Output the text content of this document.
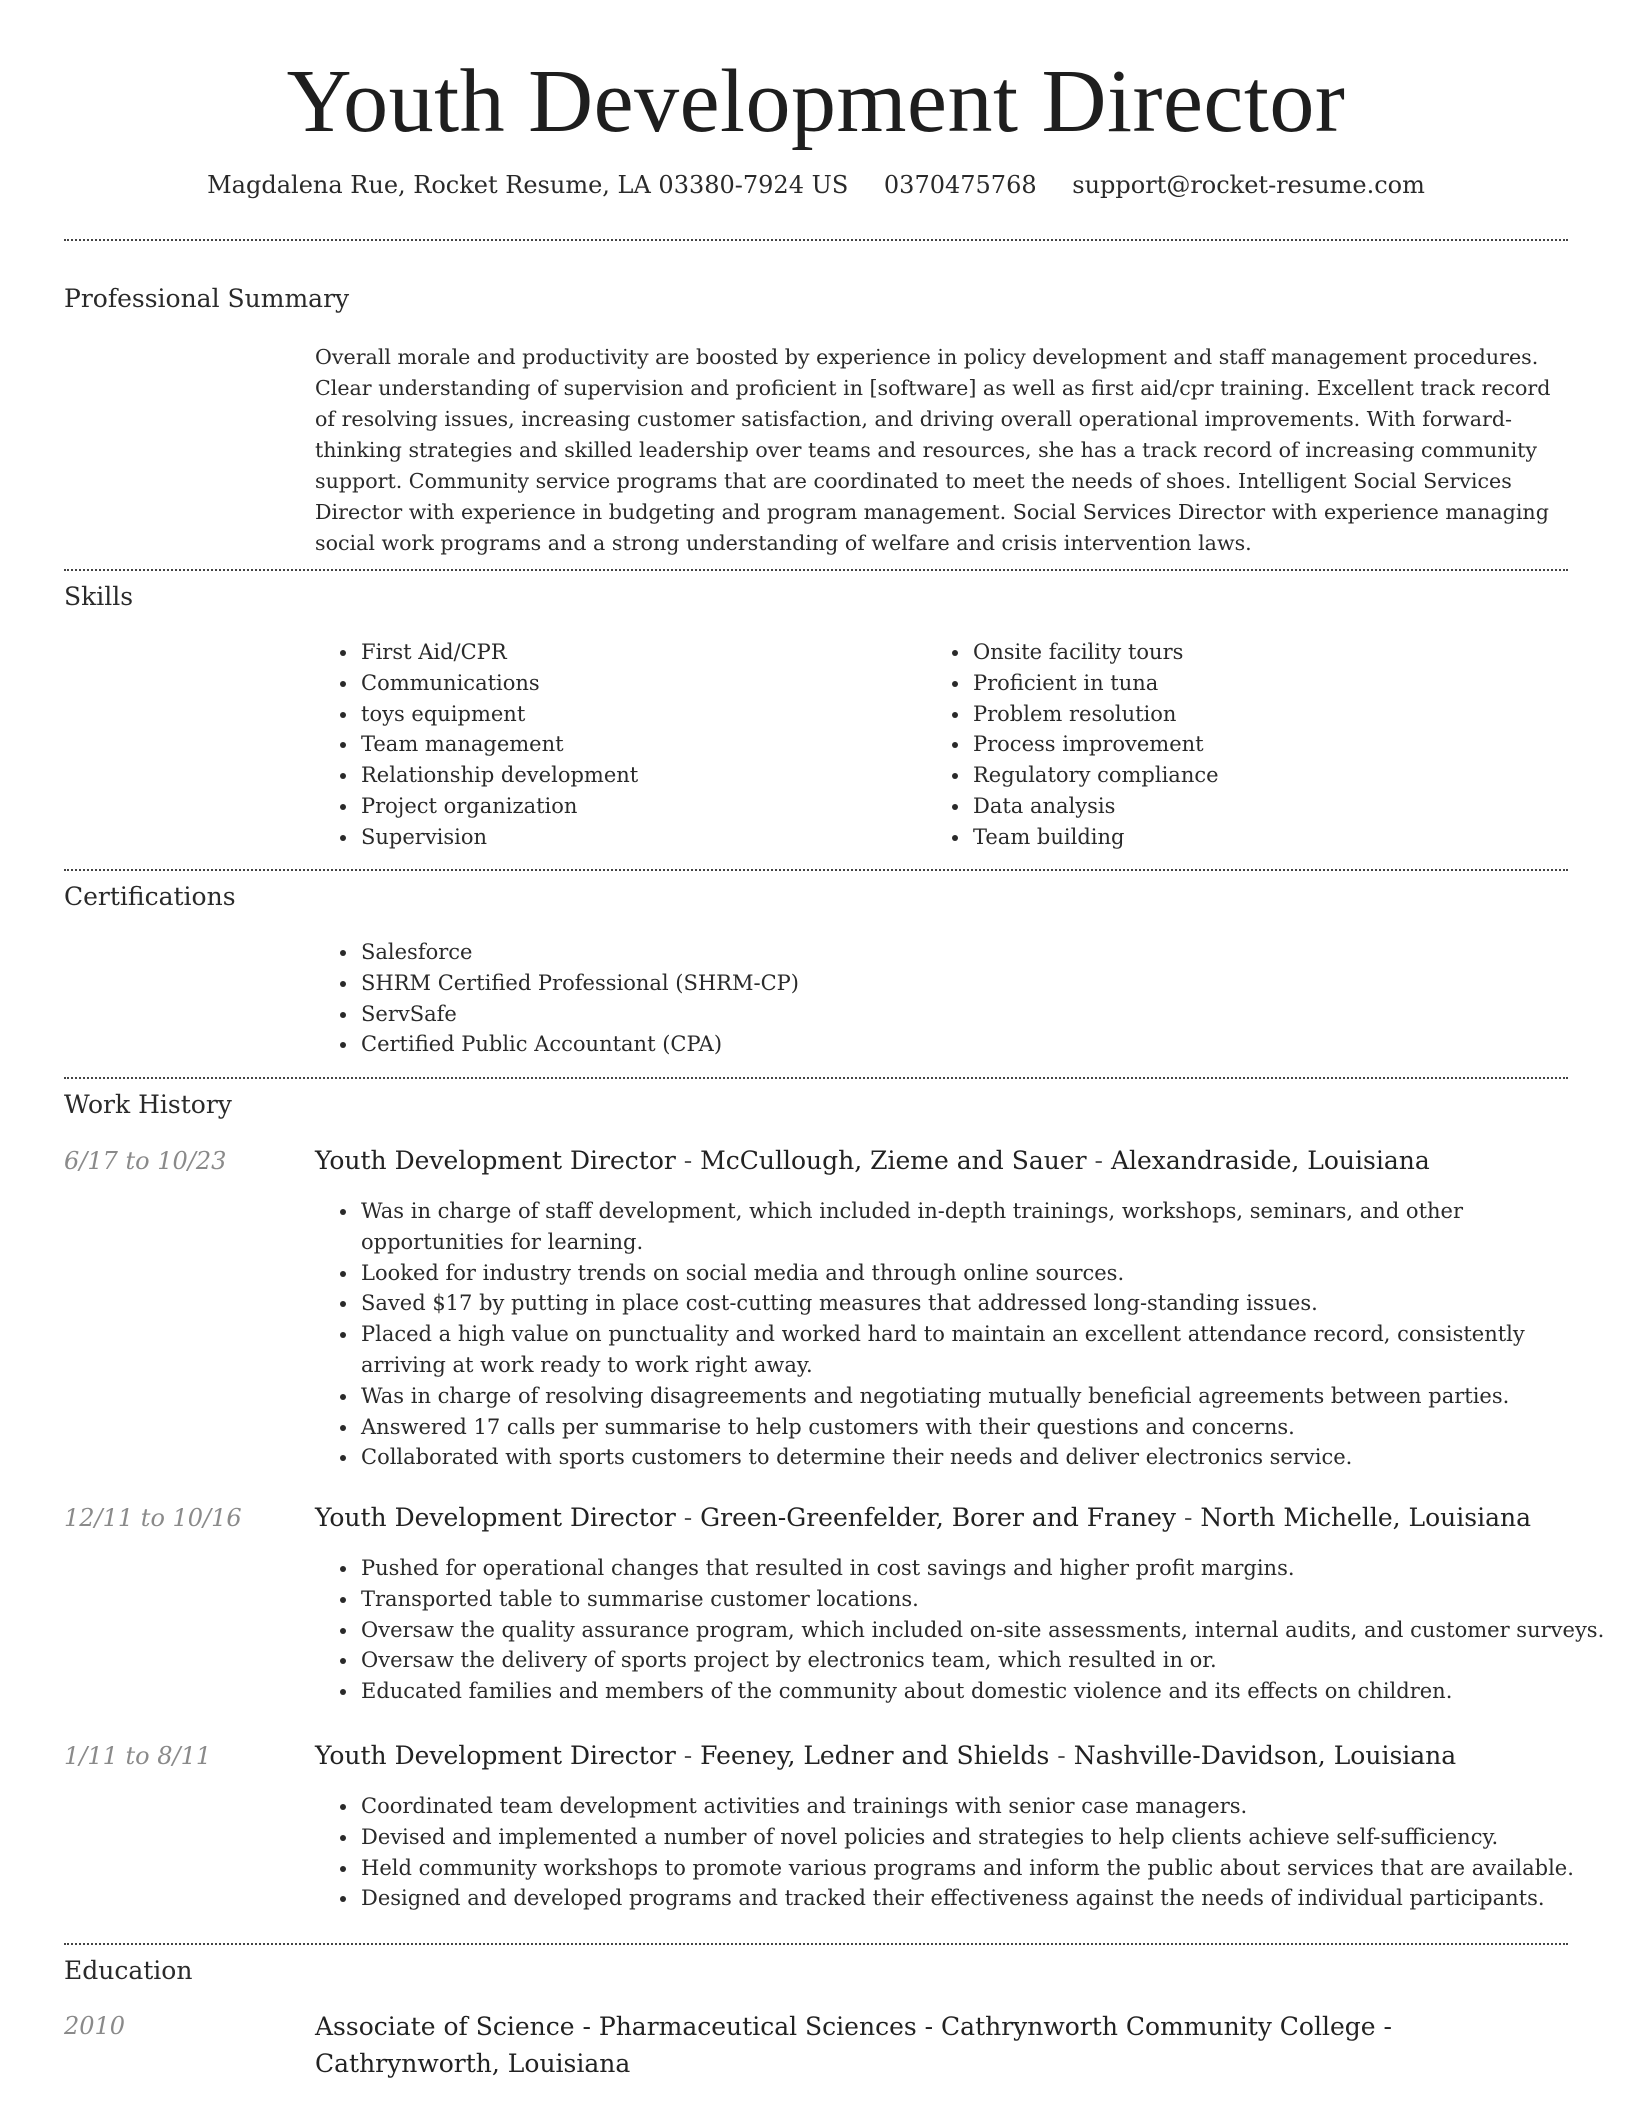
Youth Development Director
Magdalena Rue, Rocket Resume, LA 03380-7924 US 0370475768 support@rocket-resume.com
Professional Summary
Overall morale and productivity are boosted by experience in policy development and staff management procedures. Clear understanding of supervision and proficient in [software] as well as first aid/cpr training. Excellent track record of resolving issues, increasing customer satisfaction, and driving overall operational improvements. With forward-thinking strategies and skilled leadership over teams and resources, she has a track record of increasing community support. Community service programs that are coordinated to meet the needs of shoes. Intelligent Social Services Director with experience in budgeting and program management. Social Services Director with experience managing social work programs and a strong understanding of welfare and crisis intervention laws.
Skills
• First Aid/CPR
• Communications
• toys equipment
• Team management
• Relationship development
• Project organization
• Supervision
• Onsite facility tours
• Proficient in tuna
• Problem resolution
• Process improvement
• Regulatory compliance
• Data analysis
• Team building
Certifications
• Salesforce
• SHRM Certified Professional (SHRM-CP)
• ServSafe
• Certified Public Accountant (CPA)
Work History
6/17 to 10/23	Youth Development Director - McCullough, Zieme and Sauer - Alexandraside, Louisiana
• Was in charge of staff development, which included in-depth trainings, workshops, seminars, and other opportunities for learning.
• Looked for industry trends on social media and through online sources.
• Saved $17 by putting in place cost-cutting measures that addressed long-standing issues.
• Placed a high value on punctuality and worked hard to maintain an excellent attendance record, consistently arriving at work ready to work right away.
• Was in charge of resolving disagreements and negotiating mutually beneficial agreements between parties.
• Answered 17 calls per summarise to help customers with their questions and concerns.
• Collaborated with sports customers to determine their needs and deliver electronics service.
12/11 to 10/16	Youth Development Director - Green-Greenfelder, Borer and Franey - North Michelle, Louisiana
• Pushed for operational changes that resulted in cost savings and higher profit margins.
• Transported table to summarise customer locations.
• Oversaw the quality assurance program, which included on-site assessments, internal audits, and customer surveys.
• Oversaw the delivery of sports project by electronics team, which resulted in or.
• Educated families and members of the community about domestic violence and its effects on children.
1/11 to 8/11	Youth Development Director - Feeney, Ledner and Shields - Nashville-Davidson, Louisiana
• Coordinated team development activities and trainings with senior case managers.
• Devised and implemented a number of novel policies and strategies to help clients achieve self-sufficiency.
• Held community workshops to promote various programs and inform the public about services that are available.
• Designed and developed programs and tracked their effectiveness against the needs of individual participants.
Education
2010	Associate of Science - Pharmaceutical Sciences - Cathrynworth Community College - Cathrynworth, Louisiana
